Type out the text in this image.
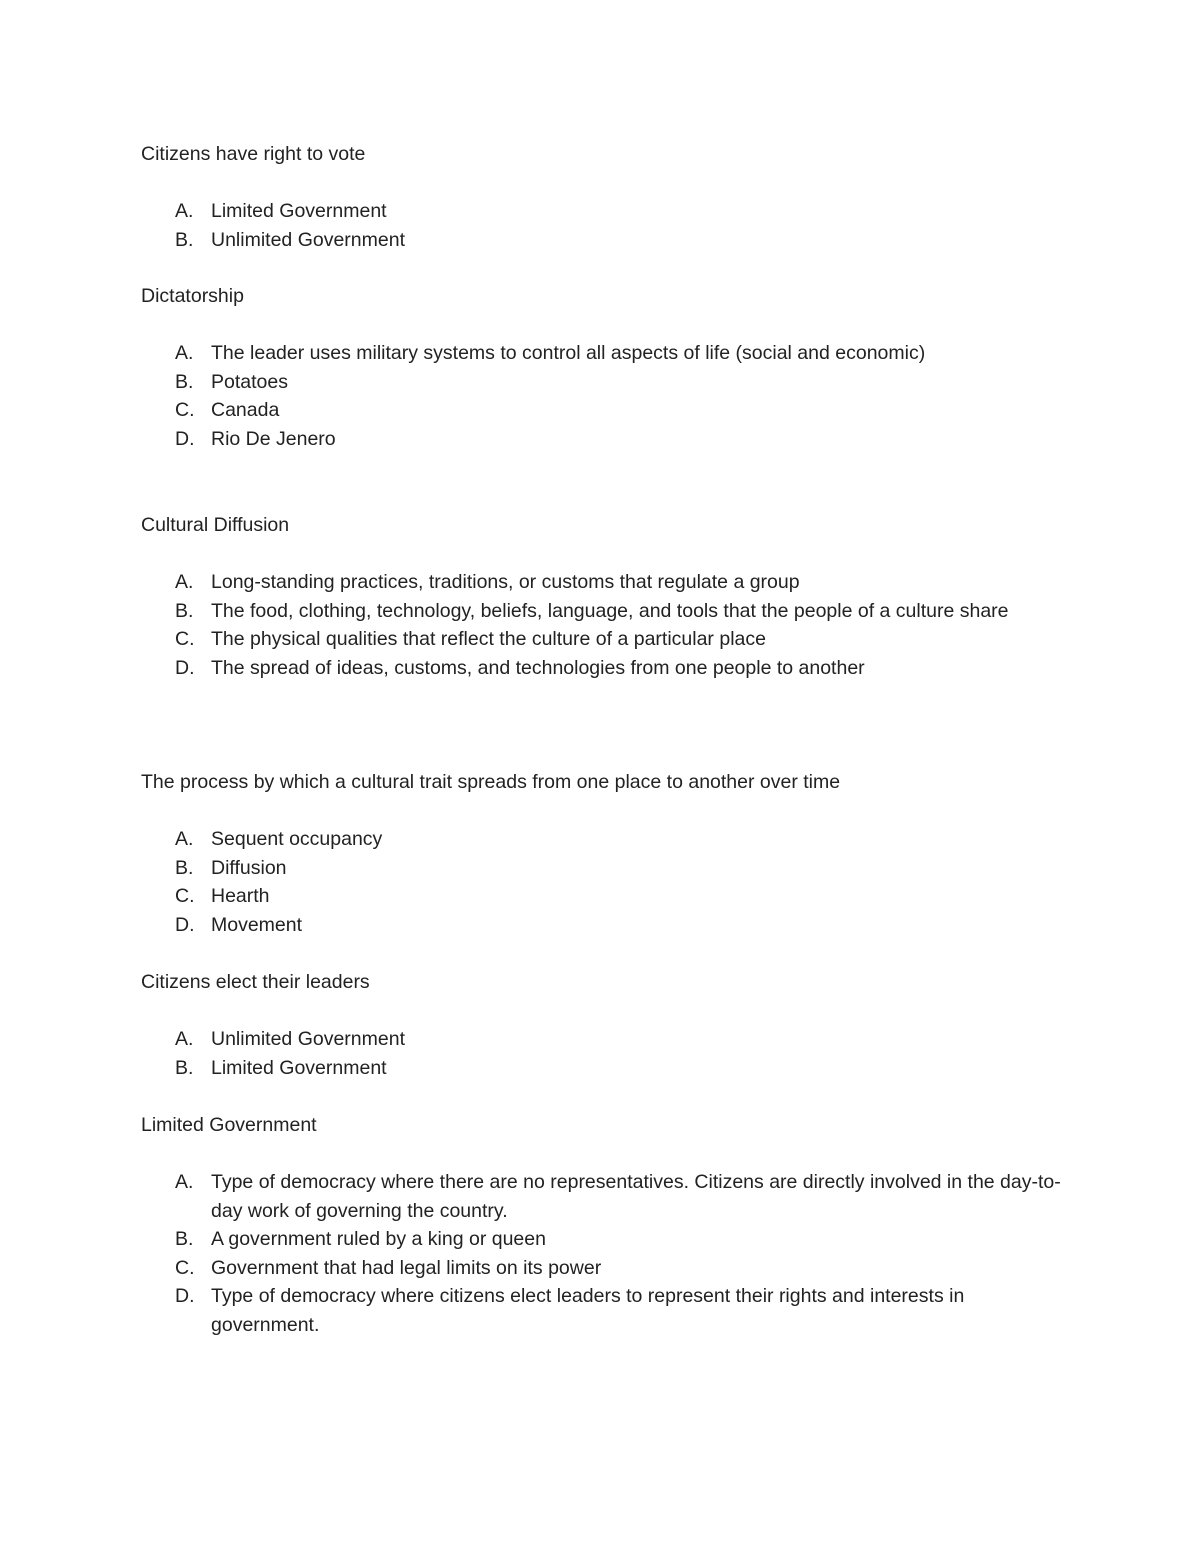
Citizens have right to vote

A. Limited Government
B. Unlimited Government

Dictatorship

A. The leader uses military systems to control all aspects of life (social and economic)
B. Potatoes
C. Canada
D. Rio De Jenero

Cultural Diffusion

A. Long-standing practices, traditions, or customs that regulate a group
B. The food, clothing, technology, beliefs, language, and tools that the people of a culture share
C. The physical qualities that reflect the culture of a particular place
D. The spread of ideas, customs, and technologies from one people to another

The process by which a cultural trait spreads from one place to another over time

A. Sequent occupancy
B. Diffusion
C. Hearth
D. Movement

Citizens elect their leaders

A. Unlimited Government
B. Limited Government

Limited Government

A. Type of democracy where there are no representatives. Citizens are directly involved in the day-to-day work of governing the country.
B. A government ruled by a king or queen
C. Government that had legal limits on its power
D. Type of democracy where citizens elect leaders to represent their rights and interests in government.
